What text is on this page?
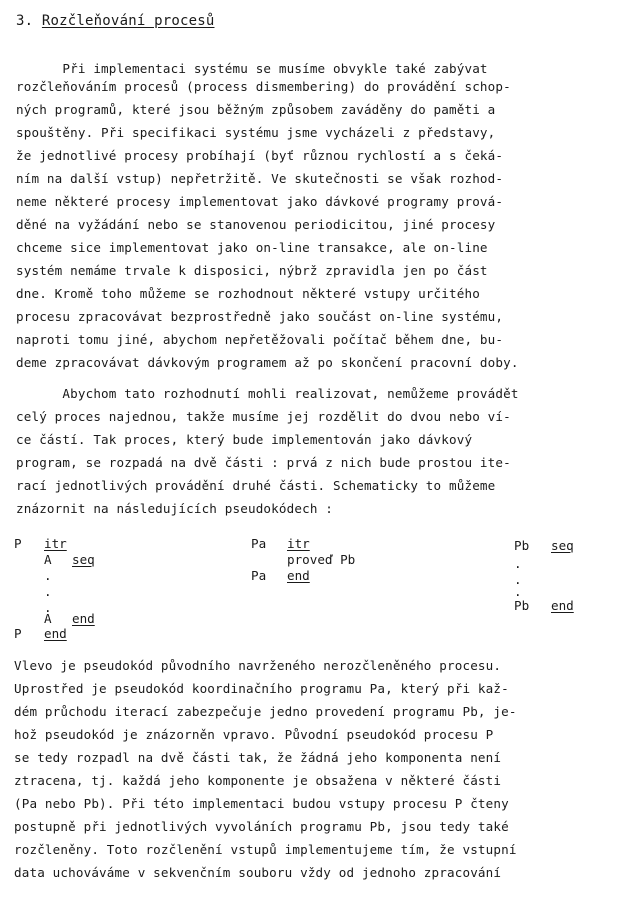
3. Rozčleňování procesů
Při implementaci systému se musíme obvykle také zabývat
rozčleňováním procesů (process dismembering) do provádění schop-
ných programů, které jsou běžným způsobem zaváděny do paměti a
spouštěny. Při specifikaci systému jsme vycházeli z představy,
že jednotlivé procesy probíhají (byť různou rychlostí a s čeká-
ním na další vstup) nepřetržitě. Ve skutečnosti se však rozhod-
neme některé procesy implementovat jako dávkové programy prová-
děné na vyžádání nebo se stanovenou periodicitou, jiné procesy
chceme sice implementovat jako on-line transakce, ale on-line
systém nemáme trvale k disposici, nýbrž zpravidla jen po část
dne. Kromě toho můžeme se rozhodnout některé vstupy určitého
procesu zpracovávat bezprostředně jako součást on-line systému,
naproti tomu jiné, abychom nepřetěžovali počítač během dne, bu-
deme zpracovávat dávkovým programem až po skončení pracovní doby.
Abychom tato rozhodnutí mohli realizovat, nemůžeme provádět
celý proces najednou, takže musíme jej rozdělit do dvou nebo ví-
ce částí. Tak proces, který bude implementován jako dávkový
program, se rozpadá na dvě části : prvá z nich bude prostou ite-
rací jednotlivých provádění druhé části. Schematicky to můžeme
znázornit na následujících pseudokódech :
P itr
A seq
.
.
.
A end
P end
Pa itr
proveď Pb
Pa end
Pb seq
.
.
.
Pb end
Vlevo je pseudokód původního navrženého nerozčleněného procesu.
Uprostřed je pseudokód koordinačního programu Pa, který při kaž-
dém průchodu iterací zabezpečuje jedno provedení programu Pb, je-
hož pseudokód je znázorněn vpravo. Původní pseudokód procesu P
se tedy rozpadl na dvě části tak, že žádná jeho komponenta není
ztracena, tj. každá jeho komponente je obsažena v některé části
(Pa nebo Pb). Při této implementaci budou vstupy procesu P čteny
postupně při jednotlivých vyvoláních programu Pb, jsou tedy také
rozčleněny. Toto rozčlenění vstupů implementujeme tím, že vstupní
data uchováváme v sekvenčním souboru vždy od jednoho zpracování
